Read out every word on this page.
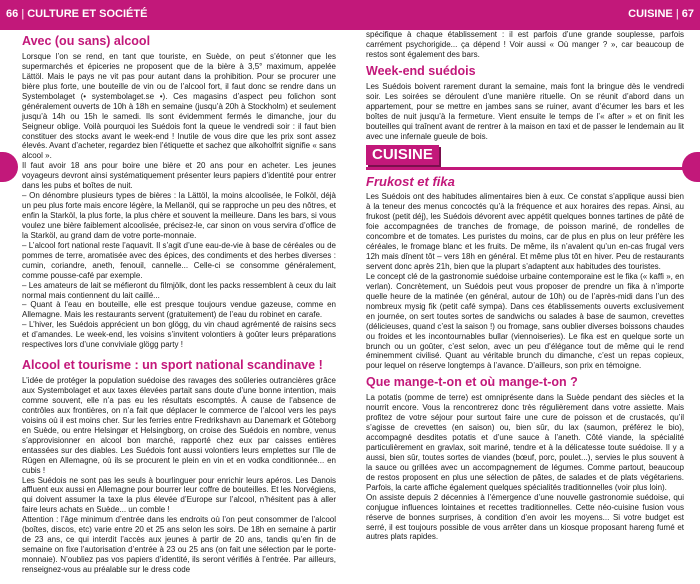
66 | CULTURE ET SOCIÉTÉ	CUISINE | 67
Avec (ou sans) alcool

Lorsque l’on se rend, en tant que touriste, en Suède, on peut s’étonner que les supermarchés et épiceries ne proposent que de la bière à 3,5° maximum, appelée Lättöl. Mais le pays ne vit pas pour autant dans la prohibition. Pour se procurer une bière plus forte, une bouteille de vin ou de l’alcool fort, il faut donc se rendre dans un Systembolaget (• systembolaget.se •). Ces magasins d’aspect peu folichon sont généralement ouverts de 10h à 18h en semaine (jusqu’à 20h à Stockholm) et seulement jusqu’à 14h ou 15h le samedi. Ils sont évidemment fermés le dimanche, jour du Seigneur oblige. Voilà pourquoi les Suédois font la queue le vendredi soir : il faut bien constituer des stocks avant le week-end ! Inutile de vous dire que les prix sont assez élevés. Avant d’acheter, regardez bien l’étiquette et sachez que alkoholfrit signifie « sans alcool ».

Il faut avoir 18 ans pour boire une bière et 20 ans pour en acheter. Les jeunes voyageurs devront ainsi systématiquement présenter leurs papiers d’identité pour entrer dans les pubs et boîtes de nuit.

– On dénombre plusieurs types de bières : la Lättöl, la moins alcoolisée, le Folköl, déjà un peu plus forte mais encore légère, la Mellanöl, qui se rapproche un peu des nôtres, et enfin la Starköl, la plus forte, la plus chère et souvent la meilleure. Dans les bars, si vous voulez une bière faiblement alcoolisée, précisez-le, car sinon on vous servira d’office de la Starköl, au grand dam de votre porte-monnaie.

– L’alcool fort national reste l’aquavit. Il s’agit d’une eau-de-vie à base de céréales ou de pommes de terre, aromatisée avec des épices, des condiments et des herbes diverses : cumin, coriandre, aneth, fenouil, cannelle... Celle-ci se consomme généralement, comme pousse-café par exemple.

– Les amateurs de lait se méfieront du filmjölk, dont les packs ressemblent à ceux du lait normal mais contiennent du lait caillé...

– Quant à l’eau en bouteille, elle est presque toujours vendue gazeuse, comme en Allemagne. Mais les restaurants servent (gratuitement) de l’eau du robinet en carafe.

– L’hiver, les Suédois apprécient un bon glögg, du vin chaud agrémenté de raisins secs et d’amandes. Le week-end, les voisins s’invitent volontiers à goûter leurs préparations respectives lors d’une conviviale glögg party !

Alcool et tourisme : un sport national scandinave !

L’idée de protéger la population suédoise des ravages des soûleries outrancières grâce aux Systembolaget et aux taxes élevées partait sans doute d’une bonne intention, mais comme souvent, elle n’a pas eu les résultats escomptés. À cause de l’absence de contrôles aux frontières, on n’a fait que déplacer le commerce de l’alcool vers les pays voisins où il est moins cher. Sur les ferries entre Fredrikshavn au Danemark et Göteborg en Suède, ou entre Helsingør et Helsingborg, on croise des Suédois en nombre, venus s’approvisionner en alcool bon marché, rapporté chez eux par caisses entières entassées sur des diables. Les Suédois font aussi volontiers leurs emplettes sur l’île de Rügen en Allemagne, où ils se procurent le plein en vin et en vodka conditionnée... en cubis !

Les Suédois ne sont pas les seuls à bourlinguer pour enrichir leurs apéros. Les Danois affluent eux aussi en Allemagne pour bourrer leur coffre de bouteilles. Et les Norvégiens, qui doivent assumer la taxe la plus élevée d’Europe sur l’alcool, n’hésitent pas à aller faire leurs achats en Suède... un comble !

Attention : l’âge minimum d’entrée dans les endroits où l’on peut consommer de l’alcool (boîtes, discos, etc) varie entre 20 et 25 ans selon les soirs. De 18h en semaine à partir de 23 ans, ce qui interdit l’accès aux jeunes à partir de 20 ans, tandis qu’en fin de semaine on fixe l’autorisation d’entrée à 23 ou 25 ans (on fait une sélection par le porte-monnaie). N’oubliez pas vos papiers d’identité, ils seront vérifiés à l’entrée. Par ailleurs, renseignez-vous au préalable sur le dress code

spécifique à chaque établissement : il est parfois d’une grande souplesse, parfois carrément psychorigide... ça dépend ! Voir aussi « Où manger ? », car beaucoup de restos sont également des bars.

Week-end suédois

Les Suédois boivent rarement durant la semaine, mais font la bringue dès le vendredi soir. Les soirées se déroulent d’une manière rituelle. On se réunit d’abord dans un appartement, pour se mettre en jambes sans se ruiner, avant d’écumer les bars et les boîtes de nuit jusqu’à la fermeture. Vient ensuite le temps de l’« after » et on finit les bouteilles qui traînent avant de rentrer à la maison en taxi et de passer le lendemain au lit avec une infernale gueule de bois.

CUISINE
Frukost et fika

Les Suédois ont des habitudes alimentaires bien à eux. Ce constat s’applique aussi bien à la teneur des menus concoctés qu’à la fréquence et aux horaires des repas. Ainsi, au frukost (petit déj), les Suédois dévorent avec appétit quelques bonnes tartines de pâté de foie accompagnées de tranches de fromage, de poisson mariné, de rondelles de concombre et de tomates. Les puristes du moins, car de plus en plus on leur préfère les céréales, le fromage blanc et les fruits. De même, ils n’avalent qu’un en-cas frugal vers 12h mais dînent tôt – vers 18h en général. Et même plus tôt en hiver. Peu de restaurants servent donc après 21h, bien que la plupart s’adaptent aux habitudes des touristes.

Le concept clé de la gastronomie suédoise urbaine contemporaine est le fika (« kaffi », en verlan). Concrètement, un Suédois peut vous proposer de prendre un fika à n’importe quelle heure de la matinée (en général, autour de 10h) ou de l’après-midi dans l’un des nombreux mysig fik (petit café sympa). Dans ces établissements ouverts exclusivement en journée, on sert toutes sortes de sandwichs ou salades à base de saumon, crevettes (délicieuses, quand c’est la saison !) ou fromage, sans oublier diverses boissons chaudes ou froides et les incontournables bullar (viennoiseries). Le fika est en quelque sorte un brunch ou un goûter, c’est selon, avec un peu d’élégance tout de même qui le rend éminemment civilisé. Quant au véritable brunch du dimanche, c’est un repas copieux, pour lequel on réserve longtemps à l’avance. D’ailleurs, son prix en témoigne.

Que mange-t-on et où mange-t-on ?

La potatis (pomme de terre) est omniprésente dans la Suède pendant des siècles et la nourrit encore. Vous la rencontrerez donc très régulièrement dans votre assiette. Mais profitez de votre séjour pour surtout faire une cure de poisson et de crustacés, qu’il s’agisse de crevettes (en saison) ou, bien sûr, du lax (saumon, préférez le bio), accompagné desdites potatis et d’une sauce à l’aneth. Côté viande, la spécialité particulièrement en gravlax, soit mariné, tendre et à la délicatesse toute suédoise. Il y a aussi, bien sûr, toutes sortes de viandes (bœuf, porc, poulet...), servies le plus souvent à la sauce ou grillées avec un accompagnement de légumes. Comme partout, beaucoup de restos proposent en plus une sélection de pâtes, de salades et de plats végétariens. Parfois, la carte affiche également quelques spécialités traditionnelles (voir plus loin).

On assiste depuis 2 décennies à l’émergence d’une nouvelle gastronomie suédoise, qui conjugue influences lointaines et recettes traditionnelles. Cette néo-cuisine fusion vous réserve de bonnes surprises, à condition d’en avoir les moyens... Si votre budget est serré, il est toujours possible de vous arrêter dans un kiosque proposant hareng fumé et autres plats rapides.
